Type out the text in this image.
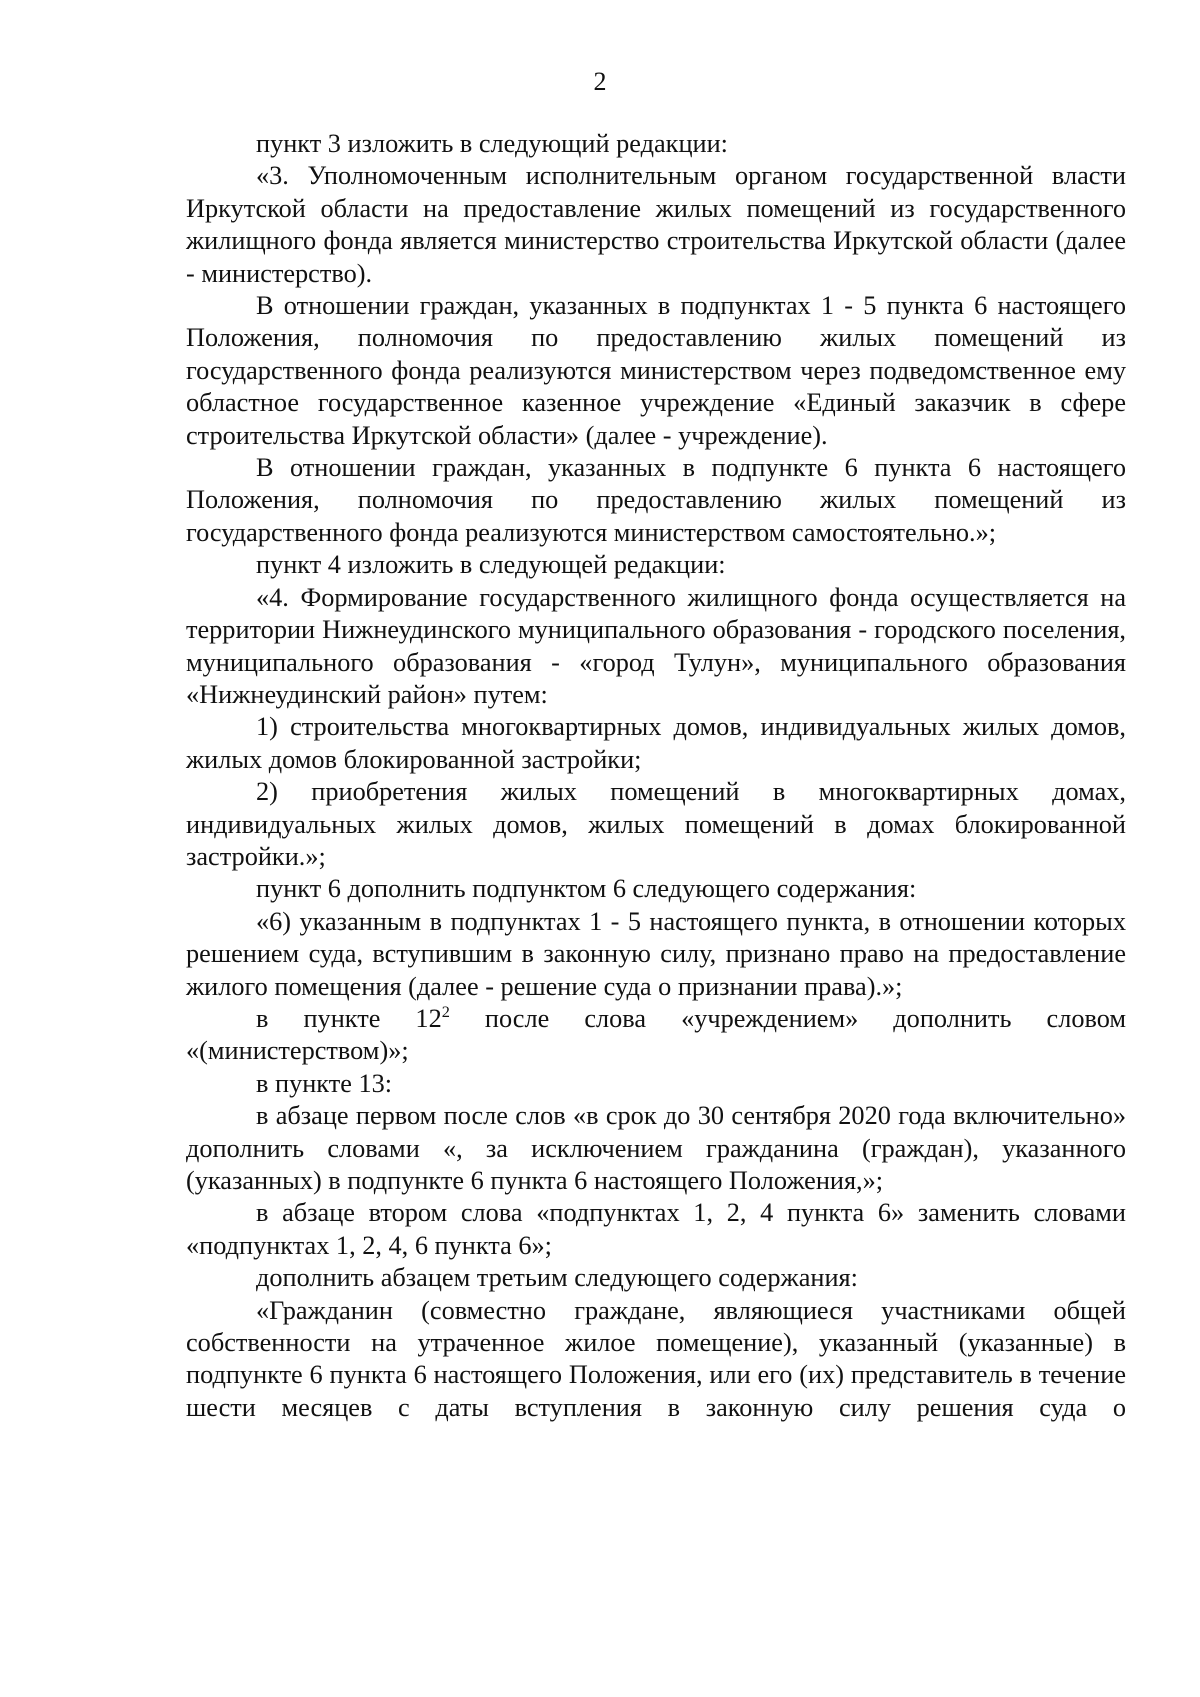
2

пункт 3 изложить в следующий редакции:

«3. Уполномоченным исполнительным органом государственной власти Иркутской области на предоставление жилых помещений из государственного жилищного фонда является министерство строительства Иркутской области (далее - министерство).

В отношении граждан, указанных в подпунктах 1 - 5 пункта 6 настоящего Положения, полномочия по предоставлению жилых помещений из государственного фонда реализуются министерством через подведомственное ему областное государственное казенное учреждение «Единый заказчик в сфере строительства Иркутской области» (далее - учреждение).

В отношении граждан, указанных в подпункте 6 пункта 6 настоящего Положения, полномочия по предоставлению жилых помещений из государственного фонда реализуются министерством самостоятельно.»;

пункт 4 изложить в следующей редакции:

«4. Формирование государственного жилищного фонда осуществляется на территории Нижнеудинского муниципального образования - городского поселения, муниципального образования - «город Тулун», муниципального образования «Нижнеудинский район» путем:

1) строительства многоквартирных домов, индивидуальных жилых домов, жилых домов блокированной застройки;

2) приобретения жилых помещений в многоквартирных домах, индивидуальных жилых домов, жилых помещений в домах блокированной застройки.»;

пункт 6 дополнить подпунктом 6 следующего содержания:

«6) указанным в подпунктах 1 - 5 настоящего пункта, в отношении которых решением суда, вступившим в законную силу, признано право на предоставление жилого помещения (далее - решение суда о признании права).»;

в пункте $12^2$ после слова «учреждением» дополнить словом «(министерством)»;

в пункте 13:

в абзаце первом после слов «в срок до 30 сентября 2020 года включительно» дополнить словами «, за исключением гражданина (граждан), указанного (указанных) в подпункте 6 пункта 6 настоящего Положения,»;

в абзаце втором слова «подпунктах 1, 2, 4 пункта 6» заменить словами «подпунктах 1, 2, 4, 6 пункта 6»;

дополнить абзацем третьим следующего содержания:

«Гражданин (совместно граждане, являющиеся участниками общей собственности на утраченное жилое помещение), указанный (указанные) в подпункте 6 пункта 6 настоящего Положения, или его (их) представитель в течение шести месяцев с даты вступления в законную силу решения суда о
